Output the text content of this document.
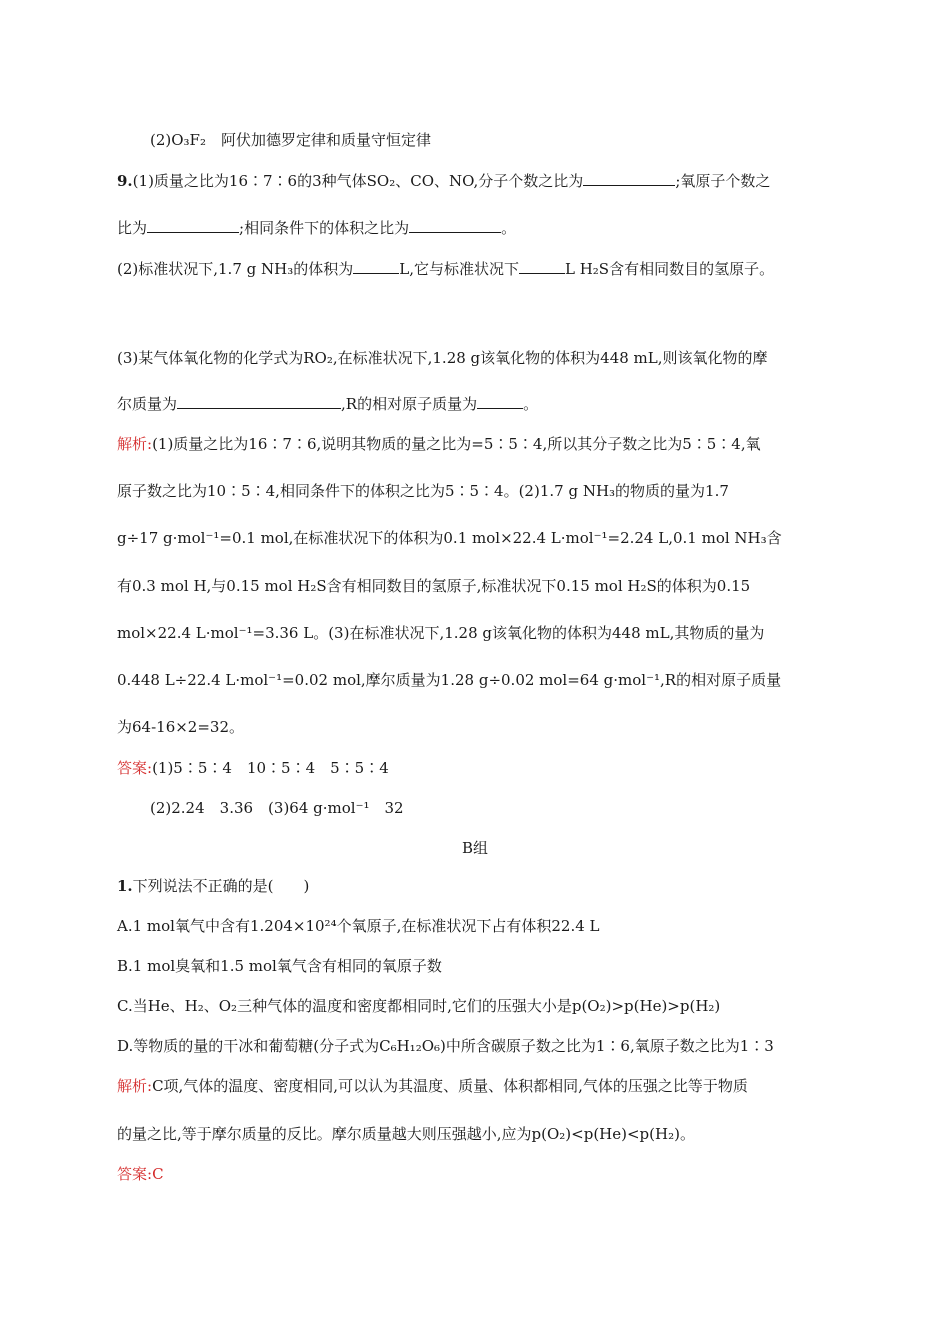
(2)O₃F₂　阿伏加德罗定律和质量守恒定律
9.(1)质量之比为16∶7∶6的3种气体SO₂、CO、NO,分子个数之比为	;氧原子个数之
比为	;相同条件下的体积之比为	。
(2)标准状况下,1.7 g NH₃的体积为	L,它与标准状况下	L H₂S含有相同数目的氢原子。
(3)某气体氧化物的化学式为RO₂,在标准状况下,1.28 g该氧化物的体积为448 mL,则该氧化物的摩
尔质量为	,R的相对原子质量为	。
解析:(1)质量之比为16∶7∶6,说明其物质的量之比为=5∶5∶4,所以其分子数之比为5∶5∶4,氧
原子数之比为10∶5∶4,相同条件下的体积之比为5∶5∶4。(2)1.7 g NH₃的物质的量为1.7
g÷17 g·mol⁻¹=0.1 mol,在标准状况下的体积为0.1 mol×22.4 L·mol⁻¹=2.24 L,0.1 mol NH₃含
有0.3 mol H,与0.15 mol H₂S含有相同数目的氢原子,标准状况下0.15 mol H₂S的体积为0.15
mol×22.4 L·mol⁻¹=3.36 L。(3)在标准状况下,1.28 g该氧化物的体积为448 mL,其物质的量为
0.448 L÷22.4 L·mol⁻¹=0.02 mol,摩尔质量为1.28 g÷0.02 mol=64 g·mol⁻¹,R的相对原子质量
为64-16×2=32。
答案:(1)5∶5∶4　10∶5∶4　5∶5∶4
(2)2.24　3.36　(3)64 g·mol⁻¹　32
B组
1.下列说法不正确的是(　　)
A.1 mol氧气中含有1.204×10²⁴个氧原子,在标准状况下占有体积22.4 L
B.1 mol臭氧和1.5 mol氧气含有相同的氧原子数
C.当He、H₂、O₂三种气体的温度和密度都相同时,它们的压强大小是p(O₂)>p(He)>p(H₂)
D.等物质的量的干冰和葡萄糖(分子式为C₆H₁₂O₆)中所含碳原子数之比为1∶6,氧原子数之比为1∶3
解析:C项,气体的温度、密度相同,可以认为其温度、质量、体积都相同,气体的压强之比等于物质
的量之比,等于摩尔质量的反比。摩尔质量越大则压强越小,应为p(O₂)<p(He)<p(H₂)。
答案:C
